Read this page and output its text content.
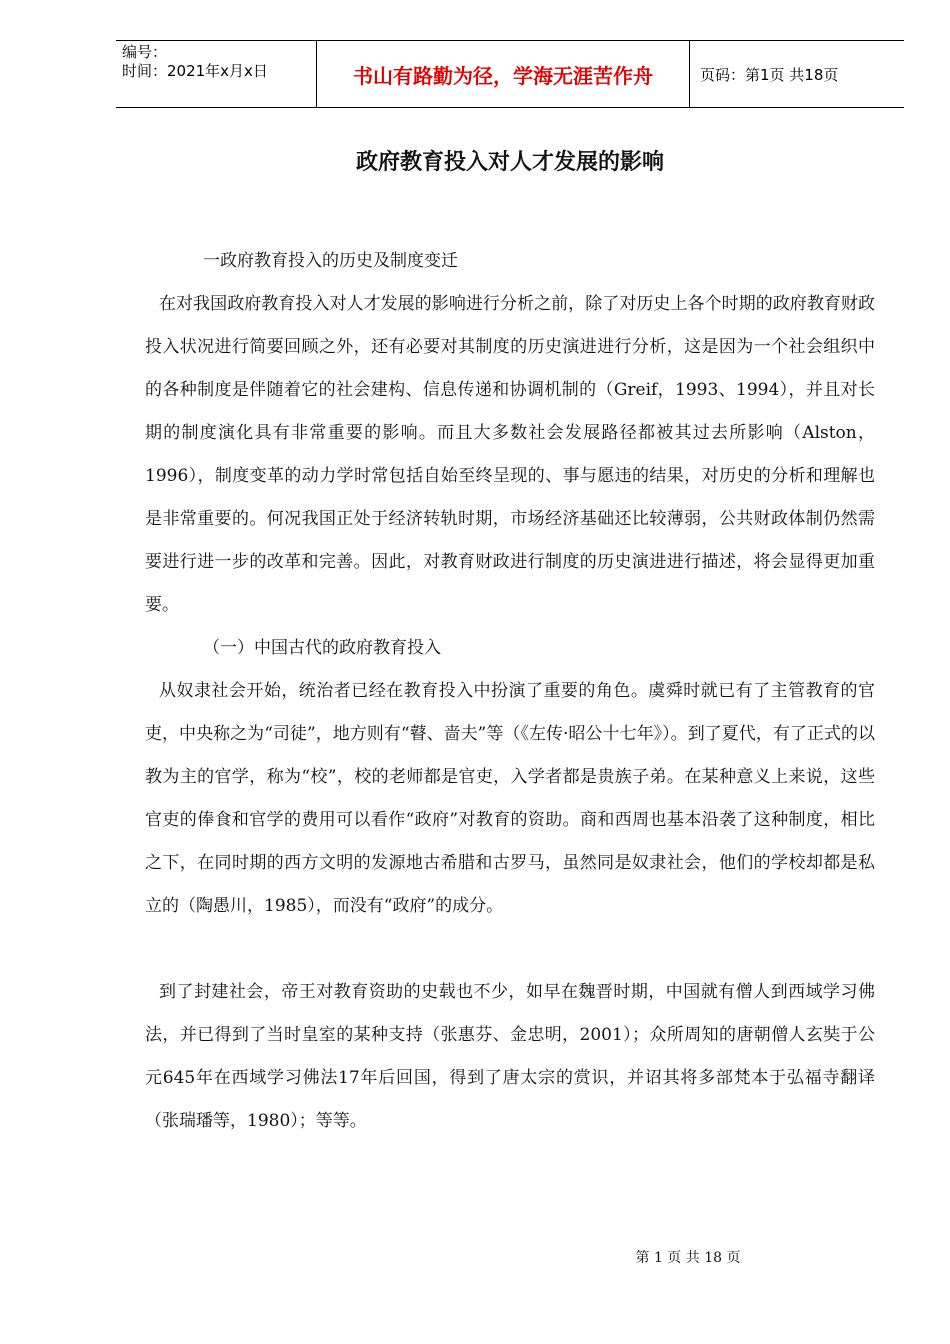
编号：
时间：2021年x月x日	书山有路勤为径，学海无涯苦作舟	页码：第1页 共18页
政府教育投入对人才发展的影响

一政府教育投入的历史及制度变迁

在对我国政府教育投入对人才发展的影响进行分析之前，除了对历史上各个时期的政府教育财政投入状况进行简要回顾之外，还有必要对其制度的历史演进进行分析，这是因为一个社会组织中的各种制度是伴随着它的社会建构、信息传递和协调机制的（Greif，1993、1994），并且对长期的制度演化具有非常重要的影响。而且大多数社会发展路径都被其过去所影响（Alston，1996），制度变革的动力学时常包括自始至终呈现的、事与愿违的结果，对历史的分析和理解也是非常重要的。何况我国正处于经济转轨时期，市场经济基础还比较薄弱，公共财政体制仍然需要进行进一步的改革和完善。因此，对教育财政进行制度的历史演进进行描述，将会显得更加重要。

（一）中国古代的政府教育投入

从奴隶社会开始，统治者已经在教育投入中扮演了重要的角色。虞舜时就已有了主管教育的官吏，中央称之为“司徒”，地方则有“瞽、啬夫”等（《左传·昭公十七年》）。到了夏代，有了正式的以教为主的官学，称为“校”，校的老师都是官吏，入学者都是贵族子弟。在某种意义上来说，这些官吏的俸食和官学的费用可以看作“政府”对教育的资助。商和西周也基本沿袭了这种制度，相比之下，在同时期的西方文明的发源地古希腊和古罗马，虽然同是奴隶社会，他们的学校却都是私立的（陶愚川，1985），而没有“政府”的成分。

到了封建社会，帝王对教育资助的史载也不少，如早在魏晋时期，中国就有僧人到西域学习佛法，并已得到了当时皇室的某种支持（张惠芬、金忠明，2001）；众所周知的唐朝僧人玄奘于公元645年在西域学习佛法17年后回国，得到了唐太宗的赏识，并诏其将多部梵本于弘福寺翻译（张瑞璠等，1980）；等等。

第 1 页 共 18 页
